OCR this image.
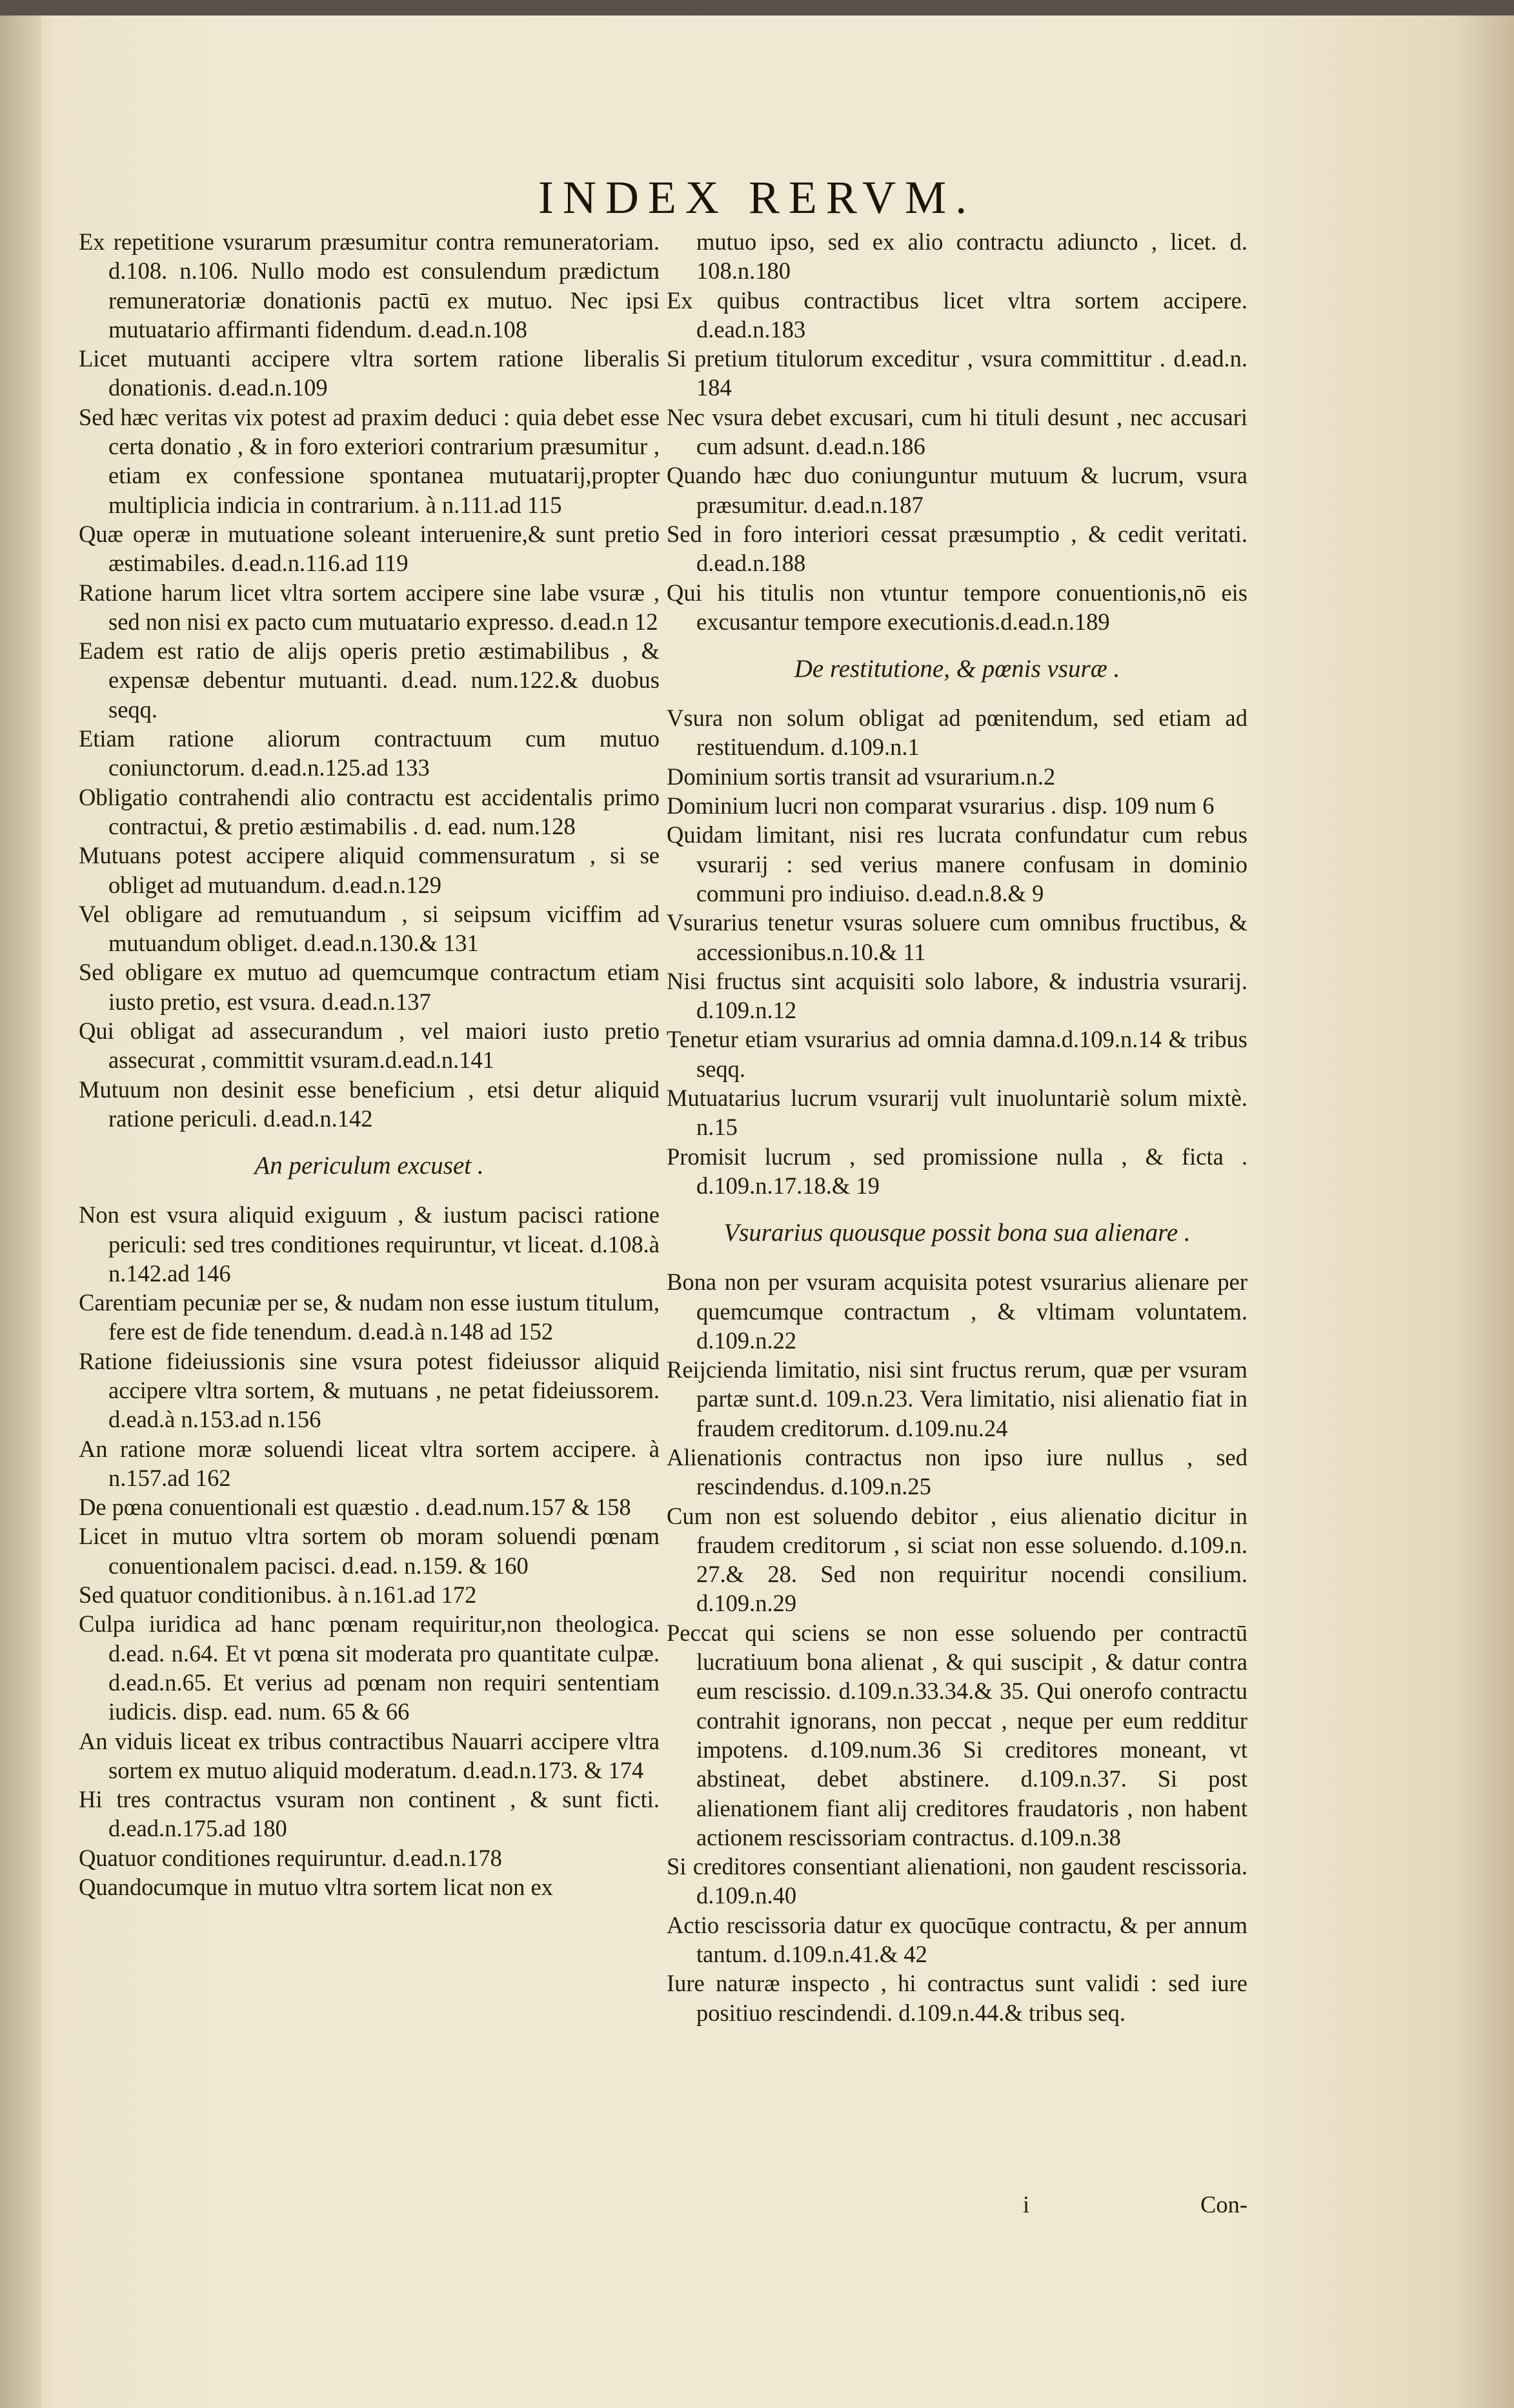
INDEX RERVM.

Ex repetitione vsurarum præsumitur contra remuneratoriam. d.108. n.106. Nullo modo est consulendum prædictum remuneratoriæ donationis pactū ex mutuo. Nec ipsi mutuatario affirmanti fidendum. d.ead.n.108

Licet mutuanti accipere vltra sortem ratione liberalis donationis. d.ead.n.109

Sed hæc veritas vix potest ad praxim deduci : quia debet esse certa donatio , & in foro exteriori contrarium præsumitur , etiam ex confessione spontanea mutuatarij,propter multiplicia indicia in contrarium. à n.111.ad 115

Quæ operæ in mutuatione soleant interuenire,& sunt pretio æstimabiles. d.ead.n.116.ad 119

Ratione harum licet vltra sortem accipere sine labe vsuræ , sed non nisi ex pacto cum mutuatario expresso. d.ead.n 12

Eadem est ratio de alijs operis pretio æstimabilibus , & expensæ debentur mutuanti. d.ead. num.122.& duobus seqq.

Etiam ratione aliorum contractuum cum mutuo coniunctorum. d.ead.n.125.ad 133

Obligatio contrahendi alio contractu est accidentalis primo contractui, & pretio æstimabilis . d. ead. num.128

Mutuans potest accipere aliquid commensuratum , si se obliget ad mutuandum. d.ead.n.129

Vel obligare ad remutuandum , si seipsum viciffim ad mutuandum obliget. d.ead.n.130.& 131

Sed obligare ex mutuo ad quemcumque contractum etiam iusto pretio, est vsura. d.ead.n.137

Qui obligat ad assecurandum , vel maiori iusto pretio assecurat , committit vsuram.d.ead.n.141

Mutuum non desinit esse beneficium , etsi detur aliquid ratione periculi. d.ead.n.142

An periculum excuset .

Non est vsura aliquid exiguum , & iustum pacisci ratione periculi: sed tres conditiones requiruntur, vt liceat. d.108.à n.142.ad 146

Carentiam pecuniæ per se, & nudam non esse iustum titulum, fere est de fide tenendum. d.ead.à n.148 ad 152

Ratione fideiussionis sine vsura potest fideiussor aliquid accipere vltra sortem, & mutuans , ne petat fideiussorem. d.ead.à n.153.ad n.156

An ratione moræ soluendi liceat vltra sortem accipere. à n.157.ad 162

De pœna conuentionali est quæstio . d.ead.num.157 & 158

Licet in mutuo vltra sortem ob moram soluendi pœnam conuentionalem pacisci. d.ead. n.159. & 160

Sed quatuor conditionibus. à n.161.ad 172

Culpa iuridica ad hanc pœnam requiritur,non theologica. d.ead. n.64. Et vt pœna sit moderata pro quantitate culpæ. d.ead.n.65. Et verius ad pœnam non requiri sententiam iudicis. disp. ead. num. 65 & 66

An viduis liceat ex tribus contractibus Nauarri accipere vltra sortem ex mutuo aliquid moderatum. d.ead.n.173. & 174

Hi tres contractus vsuram non continent , & sunt ficti. d.ead.n.175.ad 180

Quatuor conditiones requiruntur. d.ead.n.178

Quandocumque in mutuo vltra sortem licat non ex

mutuo ipso, sed ex alio contractu adiuncto , licet. d. 108.n.180

Ex quibus contractibus licet vltra sortem accipere. d.ead.n.183

Si pretium titulorum exceditur , vsura committitur . d.ead.n. 184

Nec vsura debet excusari, cum hi tituli desunt , nec accusari cum adsunt. d.ead.n.186

Quando hæc duo coniunguntur mutuum & lucrum, vsura præsumitur. d.ead.n.187

Sed in foro interiori cessat præsumptio , & cedit veritati. d.ead.n.188

Qui his titulis non vtuntur tempore conuentionis,nō eis excusantur tempore executionis.d.ead.n.189

De restitutione, & pœnis vsuræ .

Vsura non solum obligat ad pœnitendum, sed etiam ad restituendum. d.109.n.1

Dominium sortis transit ad vsurarium.n.2

Dominium lucri non comparat vsurarius . disp. 109 num 6

Quidam limitant, nisi res lucrata confundatur cum rebus vsurarij : sed verius manere confusam in dominio communi pro indiuiso. d.ead.n.8.& 9

Vsurarius tenetur vsuras soluere cum omnibus fructibus, & accessionibus.n.10.& 11

Nisi fructus sint acquisiti solo labore, & industria vsurarij. d.109.n.12

Tenetur etiam vsurarius ad omnia damna.d.109.n.14 & tribus seqq.

Mutuatarius lucrum vsurarij vult inuoluntariè solum mixtè. n.15

Promisit lucrum , sed promissione nulla , & ficta . d.109.n.17.18.& 19

Vsurarius quousque possit bona sua alienare .

Bona non per vsuram acquisita potest vsurarius alienare per quemcumque contractum , & vltimam voluntatem. d.109.n.22

Reijcienda limitatio, nisi sint fructus rerum, quæ per vsuram partæ sunt.d. 109.n.23. Vera limitatio, nisi alienatio fiat in fraudem creditorum. d.109.nu.24

Alienationis contractus non ipso iure nullus , sed rescindendus. d.109.n.25

Cum non est soluendo debitor , eius alienatio dicitur in fraudem creditorum , si sciat non esse soluendo. d.109.n. 27.& 28. Sed non requiritur nocendi consilium. d.109.n.29

Peccat qui sciens se non esse soluendo per contractū lucratiuum bona alienat , & qui suscipit , & datur contra eum rescissio. d.109.n.33.34.& 35. Qui onerofo contractu contrahit ignorans, non peccat , neque per eum redditur impotens. d.109.num.36 Si creditores moneant, vt abstineat, debet abstinere. d.109.n.37. Si post alienationem fiant alij creditores fraudatoris , non habent actionem rescissoriam contractus. d.109.n.38

Si creditores consentiant alienationi, non gaudent rescissoria. d.109.n.40

Actio rescissoria datur ex quocūque contractu, & per annum tantum. d.109.n.41.& 42

Iure naturæ inspecto , hi contractus sunt validi : sed iure positiuo rescindendi. d.109.n.44.& tribus seq.

i	Con-
